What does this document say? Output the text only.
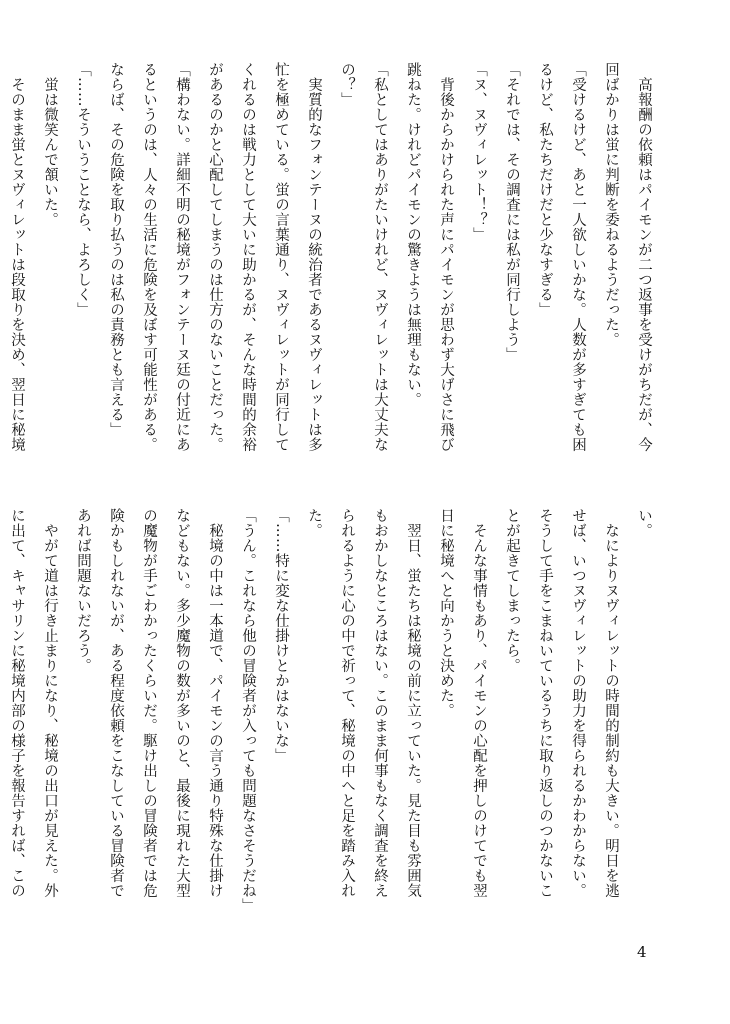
　高報酬の依頼はパイモンが二つ返事を受けがちだが、今回ばかりは蛍に判断を委ねるようだった。

「受けるけど、あと一人欲しいかな。人数が多すぎても困るけど、私たちだけだと少なすぎる」

「それでは、その調査には私が同行しよう」

「ヌ、ヌヴィレット！？」

　背後からかけられた声にパイモンが思わず大げさに飛び跳ねた。けれどパイモンの驚きようは無理もない。

「私としてはありがたいけれど、ヌヴィレットは大丈夫なの？」

　実質的なフォンテーヌの統治者であるヌヴィレットは多忙を極めている。蛍の言葉通り、ヌヴィレットが同行してくれるのは戦力として大いに助かるが、そんな時間的余裕があるのかと心配してしまうのは仕方のないことだった。

「構わない。詳細不明の秘境がフォンテーヌ廷の付近にあるというのは、人々の生活に危険を及ぼす可能性がある。ならば、その危険を取り払うのは私の責務とも言える」

「……そういうことなら、よろしく」

　蛍は微笑んで頷いた。

　そのまま蛍とヌヴィレットは段取りを決め、翌日に秘境

い。

　なによりヌヴィレットの時間的制約も大きい。明日を逃せば、いつヌヴィレットの助力を得られるかわからない。そうして手をこまねいているうちに取り返しのつかないことが起きてしまったら。

　そんな事情もあり、パイモンの心配を押しのけてでも翌日に秘境へと向かうと決めた。

　翌日、蛍たちは秘境の前に立っていた。見た目も雰囲気もおかしなところはない。このまま何事もなく調査を終えられるように心の中で祈って、秘境の中へと足を踏み入れた。

「……特に変な仕掛けとかはないな」

「うん。これなら他の冒険者が入っても問題なさそうだね」

　秘境の中は一本道で、パイモンの言う通り特殊な仕掛けなどもない。多少魔物の数が多いのと、最後に現れた大型の魔物が手ごわかったくらいだ。駆け出しの冒険者では危険かもしれないが、ある程度依頼をこなしている冒険者であれば問題ないだろう。

　やがて道は行き止まりになり、秘境の出口が見えた。外に出て、キャサリンに秘境内部の様子を報告すれば、この

4
